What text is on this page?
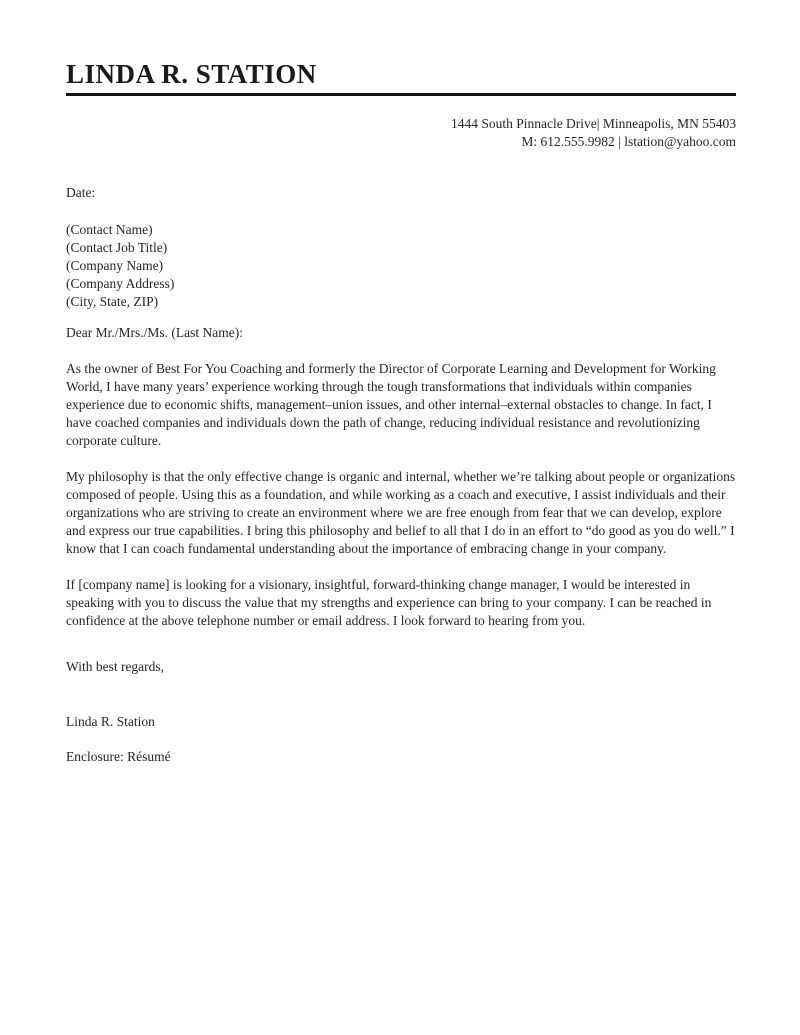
LINDA R. STATION
1444 South Pinnacle Drive| Minneapolis, MN 55403
M: 612.555.9982 | lstation@yahoo.com
Date:
(Contact Name)
(Contact Job Title)
(Company Name)
(Company Address)
(City, State, ZIP)
Dear Mr./Mrs./Ms. (Last Name):

As the owner of Best For You Coaching and formerly the Director of Corporate Learning and Development for Working World, I have many years’ experience working through the tough transformations that individuals within companies experience due to economic shifts, management–union issues, and other internal–external obstacles to change. In fact, I have coached companies and individuals down the path of change, reducing individual resistance and revolutionizing corporate culture.

My philosophy is that the only effective change is organic and internal, whether we’re talking about people or organizations composed of people. Using this as a foundation, and while working as a coach and executive, I assist individuals and their organizations who are striving to create an environment where we are free enough from fear that we can develop, explore and express our true capabilities. I bring this philosophy and belief to all that I do in an effort to “do good as you do well.” I know that I can coach fundamental understanding about the importance of embracing change in your company.

If [company name] is looking for a visionary, insightful, forward-thinking change manager, I would be interested in speaking with you to discuss the value that my strengths and experience can bring to your company. I can be reached in confidence at the above telephone number or email address. I look forward to hearing from you.

With best regards,
Linda R. Station
Enclosure: Résumé
